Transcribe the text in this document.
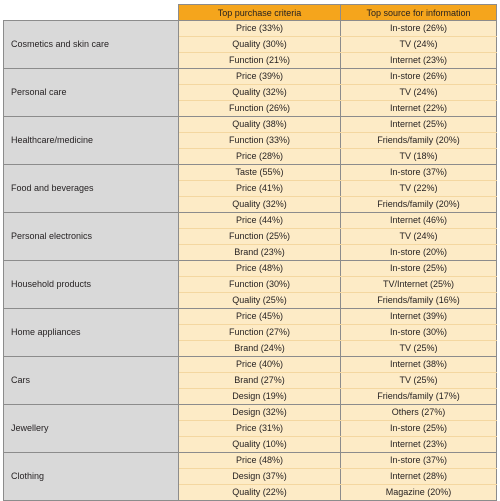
	Top purchase criteria	Top source for information
Cosmetics and skin care	Price (33%)	In-store (26%)
	Quality (30%)	TV (24%)
	Function (21%)	Internet (23%)
Personal care	Price (39%)	In-store (26%)
	Quality (32%)	TV (24%)
	Function (26%)	Internet (22%)
Healthcare/medicine	Quality (38%)	Internet (25%)
	Function (33%)	Friends/family (20%)
	Price (28%)	TV (18%)
Food and beverages	Taste (55%)	In-store (37%)
	Price (41%)	TV (22%)
	Quality (32%)	Friends/family (20%)
Personal electronics	Price (44%)	Internet (46%)
	Function (25%)	TV (24%)
	Brand (23%)	In-store (20%)
Household products	Price (48%)	In-store (25%)
	Function (30%)	TV/Internet (25%)
	Quality (25%)	Friends/family (16%)
Home appliances	Price (45%)	Internet (39%)
	Function (27%)	In-store (30%)
	Brand (24%)	TV (25%)
Cars	Price (40%)	Internet (38%)
	Brand (27%)	TV (25%)
	Design (19%)	Friends/family (17%)
Jewellery	Design (32%)	Others (27%)
	Price (31%)	In-store (25%)
	Quality (10%)	Internet (23%)
Clothing	Price (48%)	In-store (37%)
	Design (37%)	Internet (28%)
	Quality (22%)	Magazine (20%)
